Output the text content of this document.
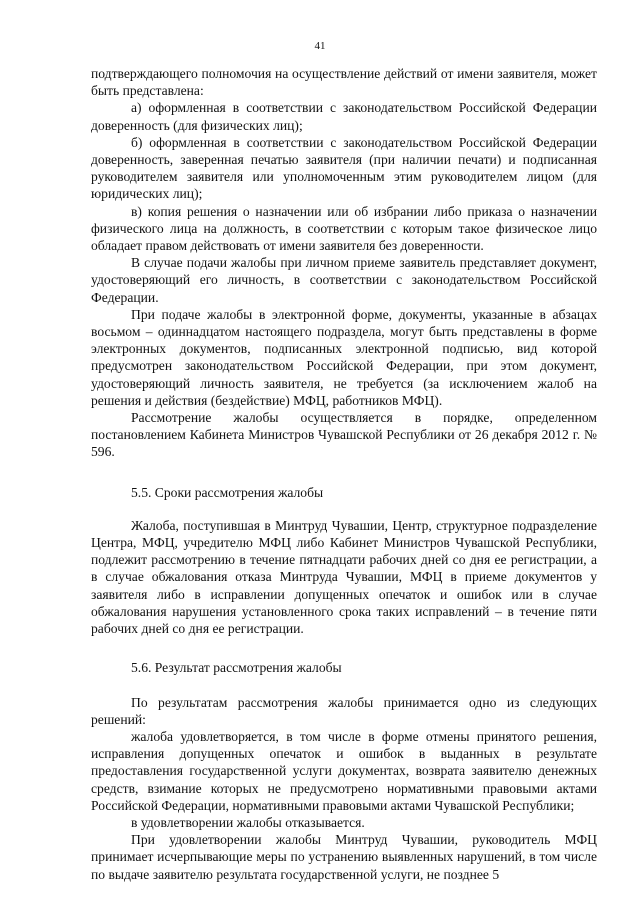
41

подтверждающего полномочия на осуществление действий от имени заявителя, может быть представлена:

а) оформленная в соответствии с законодательством Российской Федерации доверенность (для физических лиц);

б) оформленная в соответствии с законодательством Российской Федерации доверенность, заверенная печатью заявителя (при наличии печати) и подписанная руководителем заявителя или уполномоченным этим руководителем лицом (для юридических лиц);

в) копия решения о назначении или об избрании либо приказа о назначении физического лица на должность, в соответствии с которым такое физическое лицо обладает правом действовать от имени заявителя без доверенности.

В случае подачи жалобы при личном приеме заявитель представляет документ, удостоверяющий его личность, в соответствии с законодательством Российской Федерации.

При подаче жалобы в электронной форме, документы, указанные в абзацах восьмом – одиннадцатом настоящего подраздела, могут быть представлены в форме электронных документов, подписанных электронной подписью, вид которой предусмотрен законодательством Российской Федерации, при этом документ, удостоверяющий личность заявителя, не требуется (за исключением жалоб на решения и действия (бездействие) МФЦ, работников МФЦ).

Рассмотрение жалобы осуществляется в порядке, определенном постановлением Кабинета Министров Чувашской Республики от 26 декабря 2012 г. № 596.

5.5. Сроки рассмотрения жалобы

Жалоба, поступившая в Минтруд Чувашии, Центр, структурное подразделение Центра, МФЦ, учредителю МФЦ либо Кабинет Министров Чувашской Республики, подлежит рассмотрению в течение пятнадцати рабочих дней со дня ее регистрации, а в случае обжалования отказа Минтруда Чувашии, МФЦ в приеме документов у заявителя либо в исправлении допущенных опечаток и ошибок или в случае обжалования нарушения установленного срока таких исправлений – в течение пяти рабочих дней со дня ее регистрации.

5.6. Результат рассмотрения жалобы

По результатам рассмотрения жалобы принимается одно из следующих решений:

жалоба удовлетворяется, в том числе в форме отмены принятого решения, исправления допущенных опечаток и ошибок в выданных в результате предоставления государственной услуги документах, возврата заявителю денежных средств, взимание которых не предусмотрено нормативными правовыми актами Российской Федерации, нормативными правовыми актами Чувашской Республики;

в удовлетворении жалобы отказывается.

При удовлетворении жалобы Минтруд Чувашии, руководитель МФЦ принимает исчерпывающие меры по устранению выявленных нарушений, в том числе по выдаче заявителю результата государственной услуги, не позднее 5
